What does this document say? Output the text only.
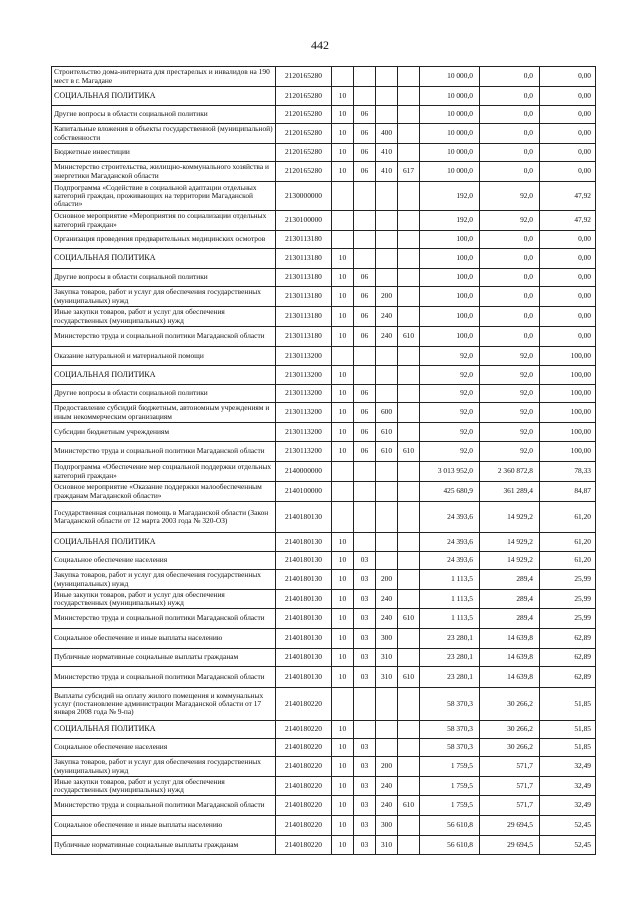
442
Строительство дома-интерната для престарелых и инвалидов на 190 мест в г. Магадане	2120165280					10 000,0	0,0	0,00
СОЦИАЛЬНАЯ ПОЛИТИКА	2120165280	10				10 000,0	0,0	0,00
Другие вопросы в области социальной политики	2120165280	10	06			10 000,0	0,0	0,00
Капитальные вложения в объекты государственной (муниципальной) собственности	2120165280	10	06	400		10 000,0	0,0	0,00
Бюджетные инвестиции	2120165280	10	06	410		10 000,0	0,0	0,00
Министерство строительства, жилищно-коммунального хозяйства и энергетики Магаданской области	2120165280	10	06	410	617	10 000,0	0,0	0,00
Подпрограмма «Содействие в социальной адаптации отдельных категорий граждан, проживающих на территории Магаданской области»	2130000000					192,0	92,0	47,92
Основное мероприятие «Мероприятия по социализации отдельных категорий граждан»	2130100000					192,0	92,0	47,92
Организация проведения предварительных медицинских осмотров	2130113180					100,0	0,0	0,00
СОЦИАЛЬНАЯ ПОЛИТИКА	2130113180	10				100,0	0,0	0,00
Другие вопросы в области социальной политики	2130113180	10	06			100,0	0,0	0,00
Закупка товаров, работ и услуг для обеспечения государственных (муниципальных) нужд	2130113180	10	06	200		100,0	0,0	0,00
Иные закупки товаров, работ и услуг для обеспечения государственных (муниципальных) нужд	2130113180	10	06	240		100,0	0,0	0,00
Министерство труда и социальной политики Магаданской области	2130113180	10	06	240	610	100,0	0,0	0,00
Оказание натуральной и материальной помощи	2130113200					92,0	92,0	100,00
СОЦИАЛЬНАЯ ПОЛИТИКА	2130113200	10				92,0	92,0	100,00
Другие вопросы в области социальной политики	2130113200	10	06			92,0	92,0	100,00
Предоставление субсидий бюджетным, автономным учреждениям и иным некоммерческим организациям	2130113200	10	06	600		92,0	92,0	100,00
Субсидии бюджетным учреждениям	2130113200	10	06	610		92,0	92,0	100,00
Министерство труда и социальной политики Магаданской области	2130113200	10	06	610	610	92,0	92,0	100,00
Подпрограмма «Обеспечение мер социальной поддержки отдельных категорий граждан»	2140000000					3 013 952,0	2 360 872,8	78,33
Основное мероприятие «Оказание поддержки малообеспеченным гражданам Магаданской области»	2140100000					425 680,9	361 289,4	84,87
Государственная социальная помощь в Магаданской области (Закон Магаданской области от 12 марта 2003 года № 320-ОЗ)	2140180130					24 393,6	14 929,2	61,20
СОЦИАЛЬНАЯ ПОЛИТИКА	2140180130	10				24 393,6	14 929,2	61,20
Социальное обеспечение населения	2140180130	10	03			24 393,6	14 929,2	61,20
Закупка товаров, работ и услуг для обеспечения государственных (муниципальных) нужд	2140180130	10	03	200		1 113,5	289,4	25,99
Иные закупки товаров, работ и услуг для обеспечения государственных (муниципальных) нужд	2140180130	10	03	240		1 113,5	289,4	25,99
Министерство труда и социальной политики Магаданской области	2140180130	10	03	240	610	1 113,5	289,4	25,99
Социальное обеспечение и иные выплаты населению	2140180130	10	03	300		23 280,1	14 639,8	62,89
Публичные нормативные социальные выплаты гражданам	2140180130	10	03	310		23 280,1	14 639,8	62,89
Министерство труда и социальной политики Магаданской области	2140180130	10	03	310	610	23 280,1	14 639,8	62,89
Выплаты субсидий на оплату жилого помещения и коммунальных услуг (постановление администрации Магаданской области от 17 января 2008 года № 9-па)	2140180220					58 370,3	30 266,2	51,85
СОЦИАЛЬНАЯ ПОЛИТИКА	2140180220	10				58 370,3	30 266,2	51,85
Социальное обеспечение населения	2140180220	10	03			58 370,3	30 266,2	51,85
Закупка товаров, работ и услуг для обеспечения государственных (муниципальных) нужд	2140180220	10	03	200		1 759,5	571,7	32,49
Иные закупки товаров, работ и услуг для обеспечения государственных (муниципальных) нужд	2140180220	10	03	240		1 759,5	571,7	32,49
Министерство труда и социальной политики Магаданской области	2140180220	10	03	240	610	1 759,5	571,7	32,49
Социальное обеспечение и иные выплаты населению	2140180220	10	03	300		56 610,8	29 694,5	52,45
Публичные нормативные социальные выплаты гражданам	2140180220	10	03	310		56 610,8	29 694,5	52,45
